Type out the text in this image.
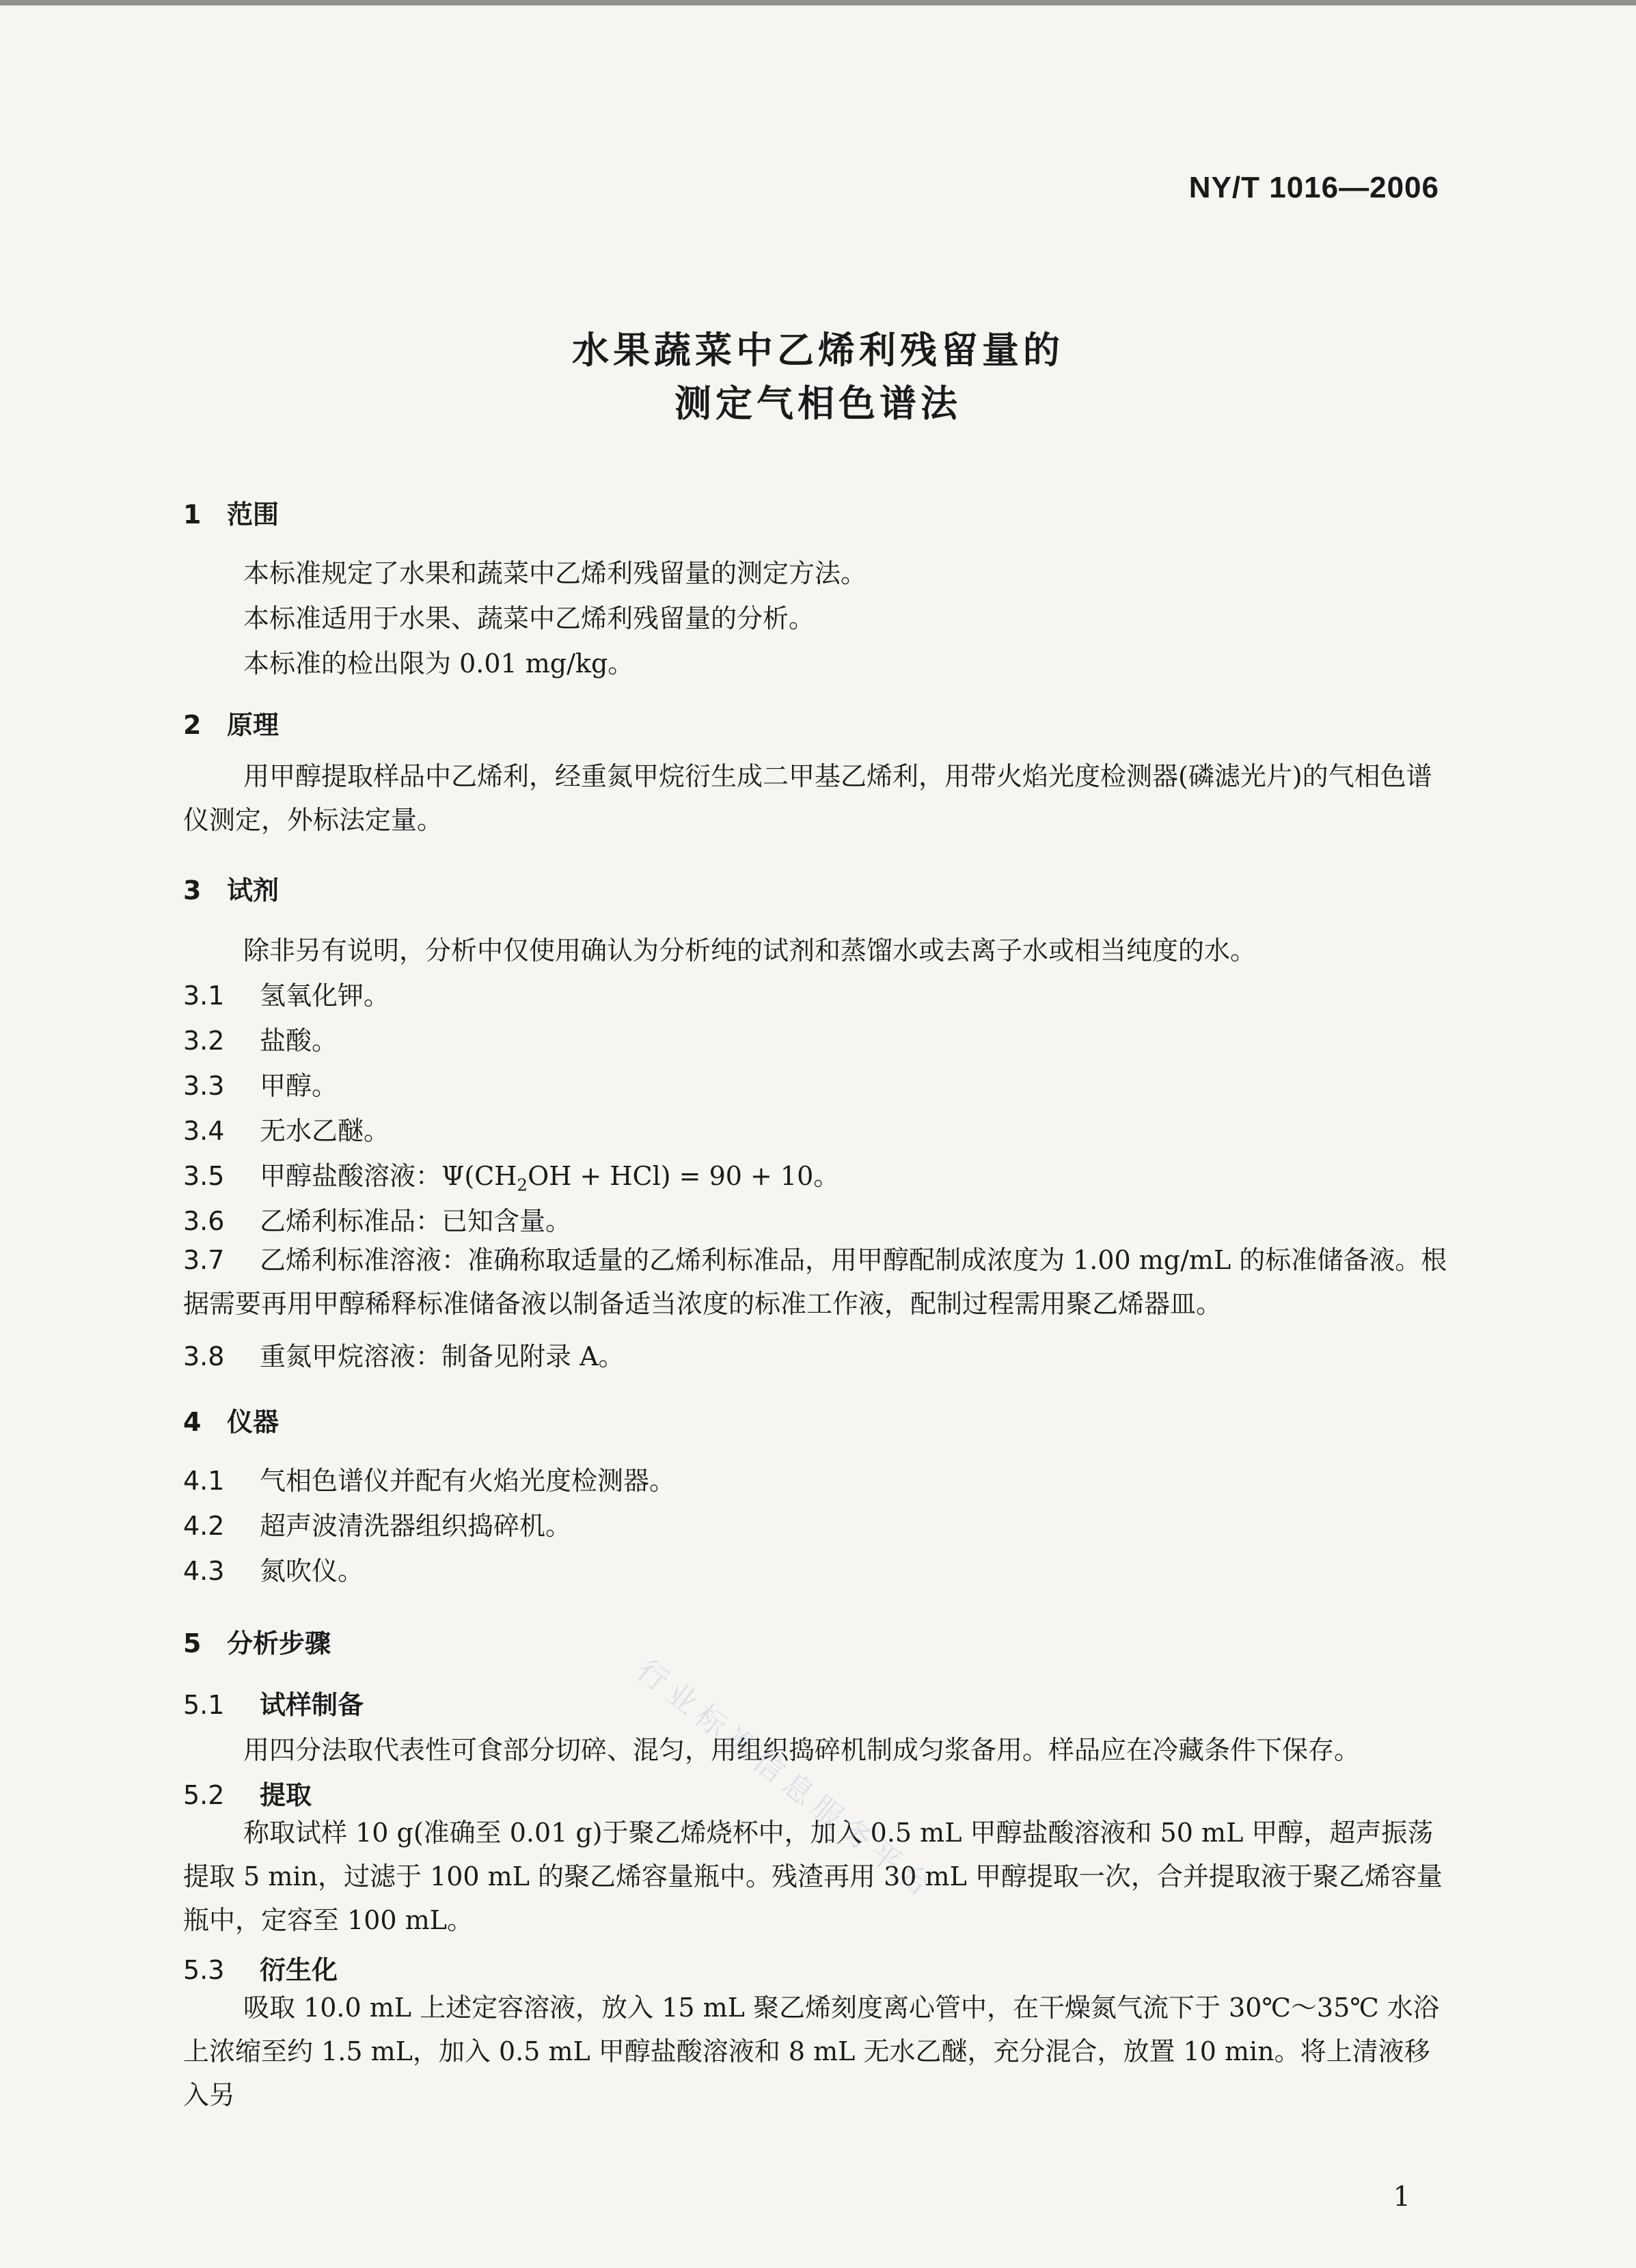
NY/T 1016—2006
水果蔬菜中乙烯利残留量的
测定气相色谱法
1 范围
本标准规定了水果和蔬菜中乙烯利残留量的测定方法。
本标准适用于水果、蔬菜中乙烯利残留量的分析。
本标准的检出限为 0.01 mg/kg。
2 原理
用甲醇提取样品中乙烯利，经重氮甲烷衍生成二甲基乙烯利，用带火焰光度检测器(磷滤光片)的气相色谱仪测定，外标法定量。
3 试剂
除非另有说明，分析中仅使用确认为分析纯的试剂和蒸馏水或去离子水或相当纯度的水。
3.1 氢氧化钾。
3.2 盐酸。
3.3 甲醇。
3.4 无水乙醚。
3.5 甲醇盐酸溶液：$\Psi(CH_2OH + HCl) = 90 + 10$。
3.6 乙烯利标准品：已知含量。
3.7 乙烯利标准溶液：准确称取适量的乙烯利标准品，用甲醇配制成浓度为 1.00 mg/mL 的标准储备液。根据需要再用甲醇稀释标准储备液以制备适当浓度的标准工作液，配制过程需用聚乙烯器皿。
3.8 重氮甲烷溶液：制备见附录 A。
4 仪器
4.1 气相色谱仪并配有火焰光度检测器。
4.2 超声波清洗器组织捣碎机。
4.3 氮吹仪。
5 分析步骤
5.1 试样制备
用四分法取代表性可食部分切碎、混匀，用组织捣碎机制成匀浆备用。样品应在冷藏条件下保存。
5.2 提取
称取试样 10 g(准确至 0.01 g)于聚乙烯烧杯中，加入 0.5 mL 甲醇盐酸溶液和 50 mL 甲醇，超声振荡提取 5 min，过滤于 100 mL 的聚乙烯容量瓶中。残渣再用 30 mL 甲醇提取一次，合并提取液于聚乙烯容量瓶中，定容至 100 mL。
5.3 衍生化
吸取 10.0 mL 上述定容溶液，放入 15 mL 聚乙烯刻度离心管中，在干燥氮气流下于 30℃～35℃ 水浴上浓缩至约 1.5 mL，加入 0.5 mL 甲醇盐酸溶液和 8 mL 无水乙醚，充分混合，放置 10 min。将上清液移入另
行业标准信息服务平台
1
